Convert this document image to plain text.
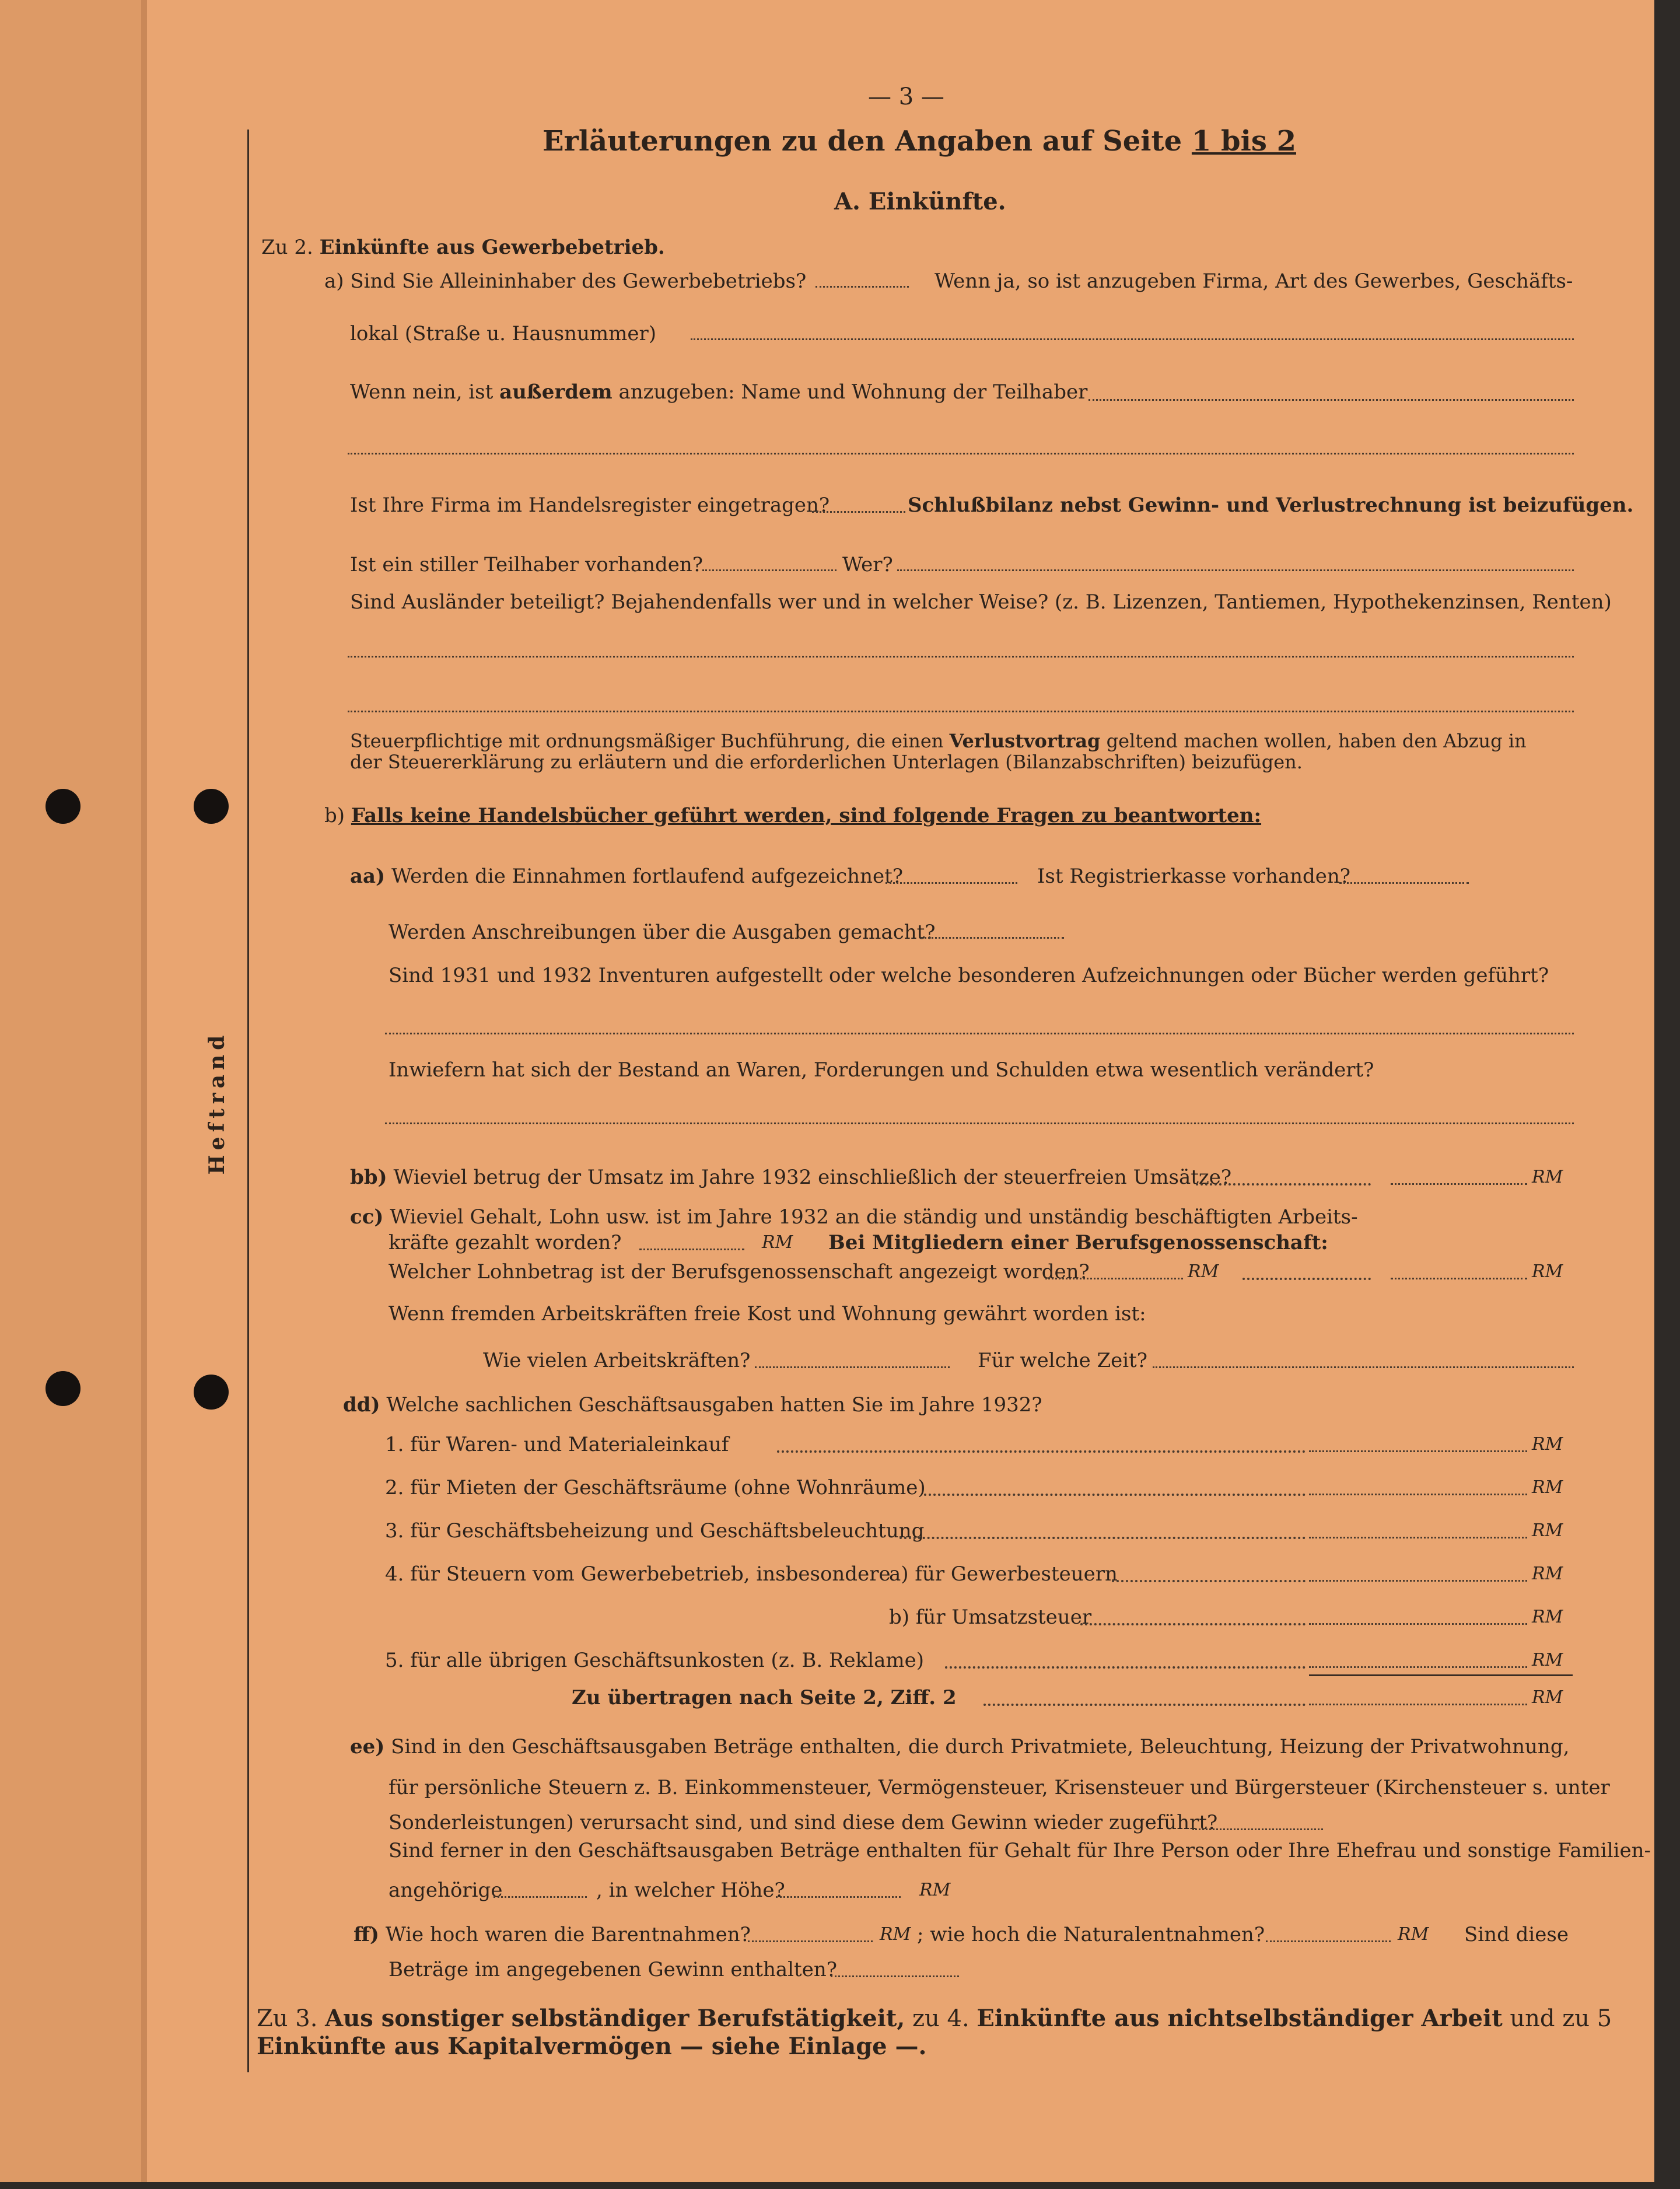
Heftrand
— 3 —
Erläuterungen zu den Angaben auf Seite 1 bis 2
A. Einkünfte.
Zu 2. Einkünfte aus Gewerbebetrieb.
a) Sind Sie Alleininhaber des Gewerbebetriebs?	Wenn ja, so ist anzugeben Firma, Art des Gewerbes, Geschäfts-
lokal (Straße u. Hausnummer)
Wenn nein, ist außerdem anzugeben: Name und Wohnung der Teilhaber
Ist Ihre Firma im Handelsregister eingetragen?	Schlußbilanz nebst Gewinn- und Verlustrechnung ist beizufügen.
Ist ein stiller Teilhaber vorhanden?	Wer?
Sind Ausländer beteiligt? Bejahendenfalls wer und in welcher Weise? (z. B. Lizenzen, Tantiemen, Hypothekenzinsen, Renten)
Steuerpflichtige mit ordnungsmäßiger Buchführung, die einen Verlustvortrag geltend machen wollen, haben den Abzug in
der Steuererklärung zu erläutern und die erforderlichen Unterlagen (Bilanzabschriften) beizufügen.
b) Falls keine Handelsbücher geführt werden, sind folgende Fragen zu beantworten:
aa) Werden die Einnahmen fortlaufend aufgezeichnet?	Ist Registrierkasse vorhanden?
Werden Anschreibungen über die Ausgaben gemacht?
Sind 1931 und 1932 Inventuren aufgestellt oder welche besonderen Aufzeichnungen oder Bücher werden geführt?
Inwiefern hat sich der Bestand an Waren, Forderungen und Schulden etwa wesentlich verändert?
bb) Wieviel betrug der Umsatz im Jahre 1932 einschließlich der steuerfreien Umsätze?	RM
cc) Wieviel Gehalt, Lohn usw. ist im Jahre 1932 an die ständig und unständig beschäftigten Arbeits-
kräfte gezahlt worden?	RM Bei Mitgliedern einer Berufsgenossenschaft:
Welcher Lohnbetrag ist der Berufsgenossenschaft angezeigt worden?	RM	RM
Wenn fremden Arbeitskräften freie Kost und Wohnung gewährt worden ist:
Wie vielen Arbeitskräften?	Für welche Zeit?
dd) Welche sachlichen Geschäftsausgaben hatten Sie im Jahre 1932?
1. für Waren- und Materialeinkauf	RM
2. für Mieten der Geschäftsräume (ohne Wohnräume)	RM
3. für Geschäftsbeheizung und Geschäftsbeleuchtung	RM
4. für Steuern vom Gewerbebetrieb, insbesondere
a) für Gewerbesteuern	RM
b) für Umsatzsteuer	RM
5. für alle übrigen Geschäftsunkosten (z. B. Reklame)	RM
Zu übertragen nach Seite 2, Ziff. 2	RM
ee) Sind in den Geschäftsausgaben Beträge enthalten, die durch Privatmiete, Beleuchtung, Heizung der Privatwohnung,
für persönliche Steuern z. B. Einkommensteuer, Vermögensteuer, Krisensteuer und Bürgersteuer (Kirchensteuer s. unter
Sonderleistungen) verursacht sind, und sind diese dem Gewinn wieder zugeführt?
Sind ferner in den Geschäftsausgaben Beträge enthalten für Gehalt für Ihre Person oder Ihre Ehefrau und sonstige Familien-
angehörige	, in welcher Höhe?	RM
ff) Wie hoch waren die Barentnahmen?	RM ; wie hoch die Naturalentnahmen?	RM Sind diese
Beträge im angegebenen Gewinn enthalten?
Zu 3. Aus sonstiger selbständiger Berufstätigkeit, zu 4. Einkünfte aus nichtselbständiger Arbeit und zu 5
Einkünfte aus Kapitalvermögen — siehe Einlage —.
